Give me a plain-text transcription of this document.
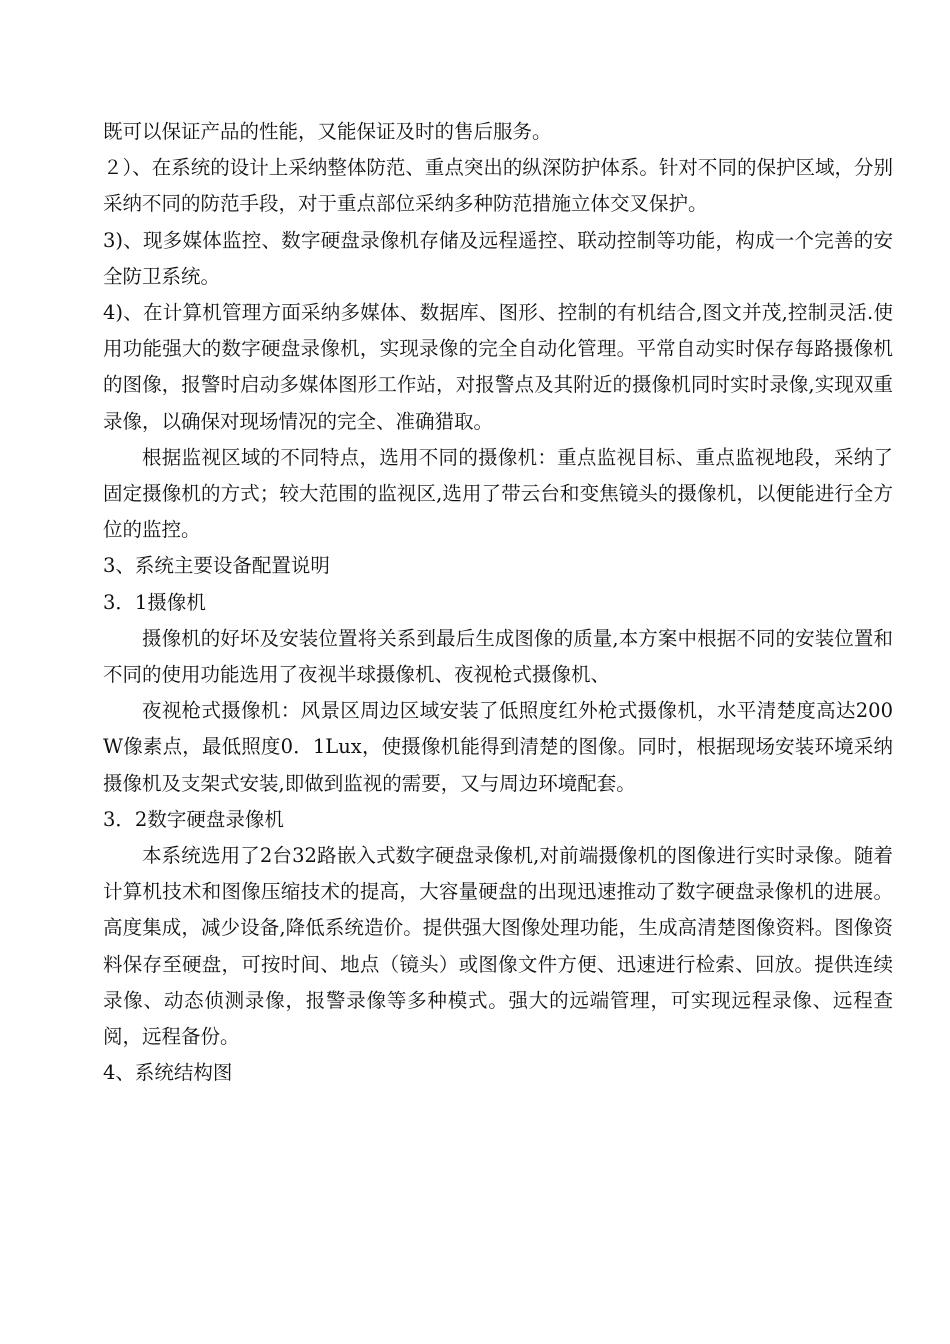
既可以保证产品的性能，又能保证及时的售后服务。

２）、在系统的设计上采纳整体防范、重点突出的纵深防护体系。针对不同的保护区域，分别采纳不同的防范手段，对于重点部位采纳多种防范措施立体交叉保护。

3)、现多媒体监控、数字硬盘录像机存储及远程遥控、联动控制等功能，构成一个完善的安全防卫系统。

4)、在计算机管理方面采纳多媒体、数据库、图形、控制的有机结合,图文并茂,控制灵活.使用功能强大的数字硬盘录像机，实现录像的完全自动化管理。平常自动实时保存每路摄像机的图像，报警时启动多媒体图形工作站，对报警点及其附近的摄像机同时实时录像,实现双重录像，以确保对现场情况的完全、准确猎取。

根据监视区域的不同特点，选用不同的摄像机：重点监视目标、重点监视地段，采纳了固定摄像机的方式；较大范围的监视区,选用了带云台和变焦镜头的摄像机，以便能进行全方位的监控。

3、系统主要设备配置说明

3．1摄像机

摄像机的好坏及安装位置将关系到最后生成图像的质量,本方案中根据不同的安装位置和不同的使用功能选用了夜视半球摄像机、夜视枪式摄像机、

夜视枪式摄像机：风景区周边区域安装了低照度红外枪式摄像机，水平清楚度高达200W像素点，最低照度0．1Lux，使摄像机能得到清楚的图像。同时，根据现场安装环境采纳摄像机及支架式安装,即做到监视的需要，又与周边环境配套。

3．2数字硬盘录像机

本系统选用了2台32路嵌入式数字硬盘录像机,对前端摄像机的图像进行实时录像。随着计算机技术和图像压缩技术的提高，大容量硬盘的出现迅速推动了数字硬盘录像机的进展。高度集成，减少设备,降低系统造价。提供强大图像处理功能，生成高清楚图像资料。图像资料保存至硬盘，可按时间、地点（镜头）或图像文件方便、迅速进行检索、回放。提供连续录像、动态侦测录像，报警录像等多种模式。强大的远端管理，可实现远程录像、远程查阅，远程备份。

4、系统结构图
